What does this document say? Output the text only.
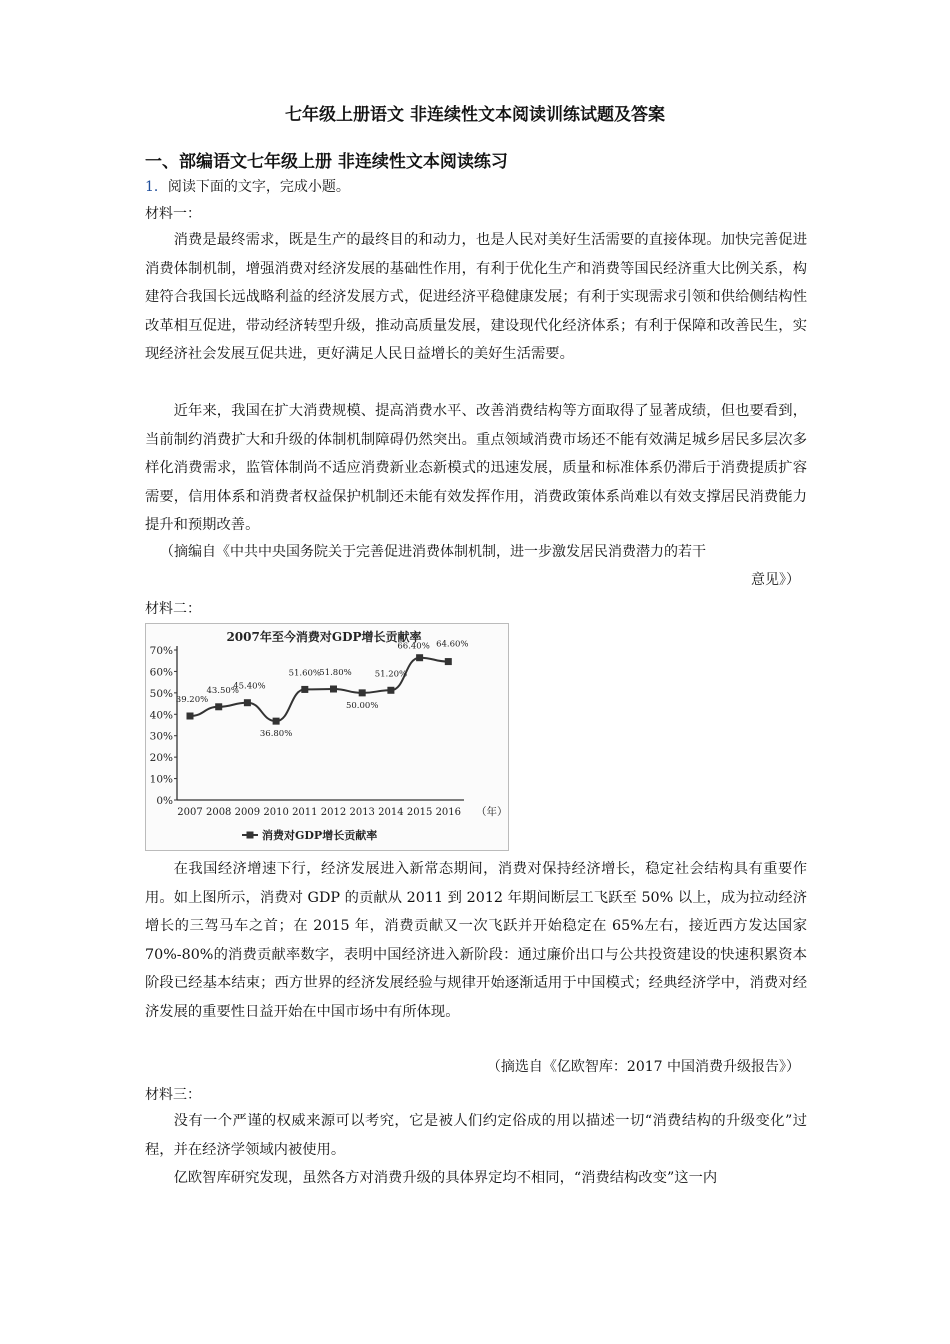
七年级上册语文 非连续性文本阅读训练试题及答案
一、部编语文七年级上册 非连续性文本阅读练习
1．阅读下面的文字，完成小题。
材料一：

消费是最终需求，既是生产的最终目的和动力，也是人民对美好生活需要的直接体现。加快完善促进消费体制机制，增强消费对经济发展的基础性作用，有利于优化生产和消费等国民经济重大比例关系，构建符合我国长远战略利益的经济发展方式，促进经济平稳健康发展；有利于实现需求引领和供给侧结构性改革相互促进，带动经济转型升级，推动高质量发展，建设现代化经济体系；有利于保障和改善民生，实现经济社会发展互促共进，更好满足人民日益增长的美好生活需要。

近年来，我国在扩大消费规模、提高消费水平、改善消费结构等方面取得了显著成绩，但也要看到，当前制约消费扩大和升级的体制机制障碍仍然突出。重点领域消费市场还不能有效满足城乡居民多层次多样化消费需求，监管体制尚不适应消费新业态新模式的迅速发展，质量和标准体系仍滞后于消费提质扩容需要，信用体系和消费者权益保护机制还未能有效发挥作用，消费政策体系尚难以有效支撑居民消费能力提升和预期改善。

（摘编自《中共中央国务院关于完善促进消费体制机制，进一步激发居民消费潜力的若干
意见》）
材料二：
2007年至今消费对GDP增长贡献率
0%
10%
20%
30%
40%
50%
60%
70%
2007 2008 2009 2010 2011 2012 2013 2014 2015 2016 （年）
39.20%
43.50%
45.40%
36.80%
51.60%
51.80%
50.00%
51.20%
66.40% 64.60%
消费对GDP增长贡献率

在我国经济增速下行，经济发展进入新常态期间，消费对保持经济增长，稳定社会结构具有重要作用。如上图所示，消费对 GDP 的贡献从 2011 到 2012 年期间断层工飞跃至 50% 以上，成为拉动经济增长的三驾马车之首；在 2015 年，消费贡献又一次飞跃并开始稳定在 65%左右，接近西方发达国家 70%-80%的消费贡献率数字，表明中国经济进入新阶段：通过廉价出口与公共投资建设的快速积累资本阶段已经基本结束；西方世界的经济发展经验与规律开始逐渐适用于中国模式；经典经济学中，消费对经济发展的重要性日益开始在中国市场中有所体现。

（摘选自《亿欧智库：2017 中国消费升级报告》）
材料三：

没有一个严谨的权威来源可以考究，它是被人们约定俗成的用以描述一切“消费结构的升级变化”过程，并在经济学领域内被使用。

亿欧智库研究发现，虽然各方对消费升级的具体界定均不相同，“消费结构改变”这一内
